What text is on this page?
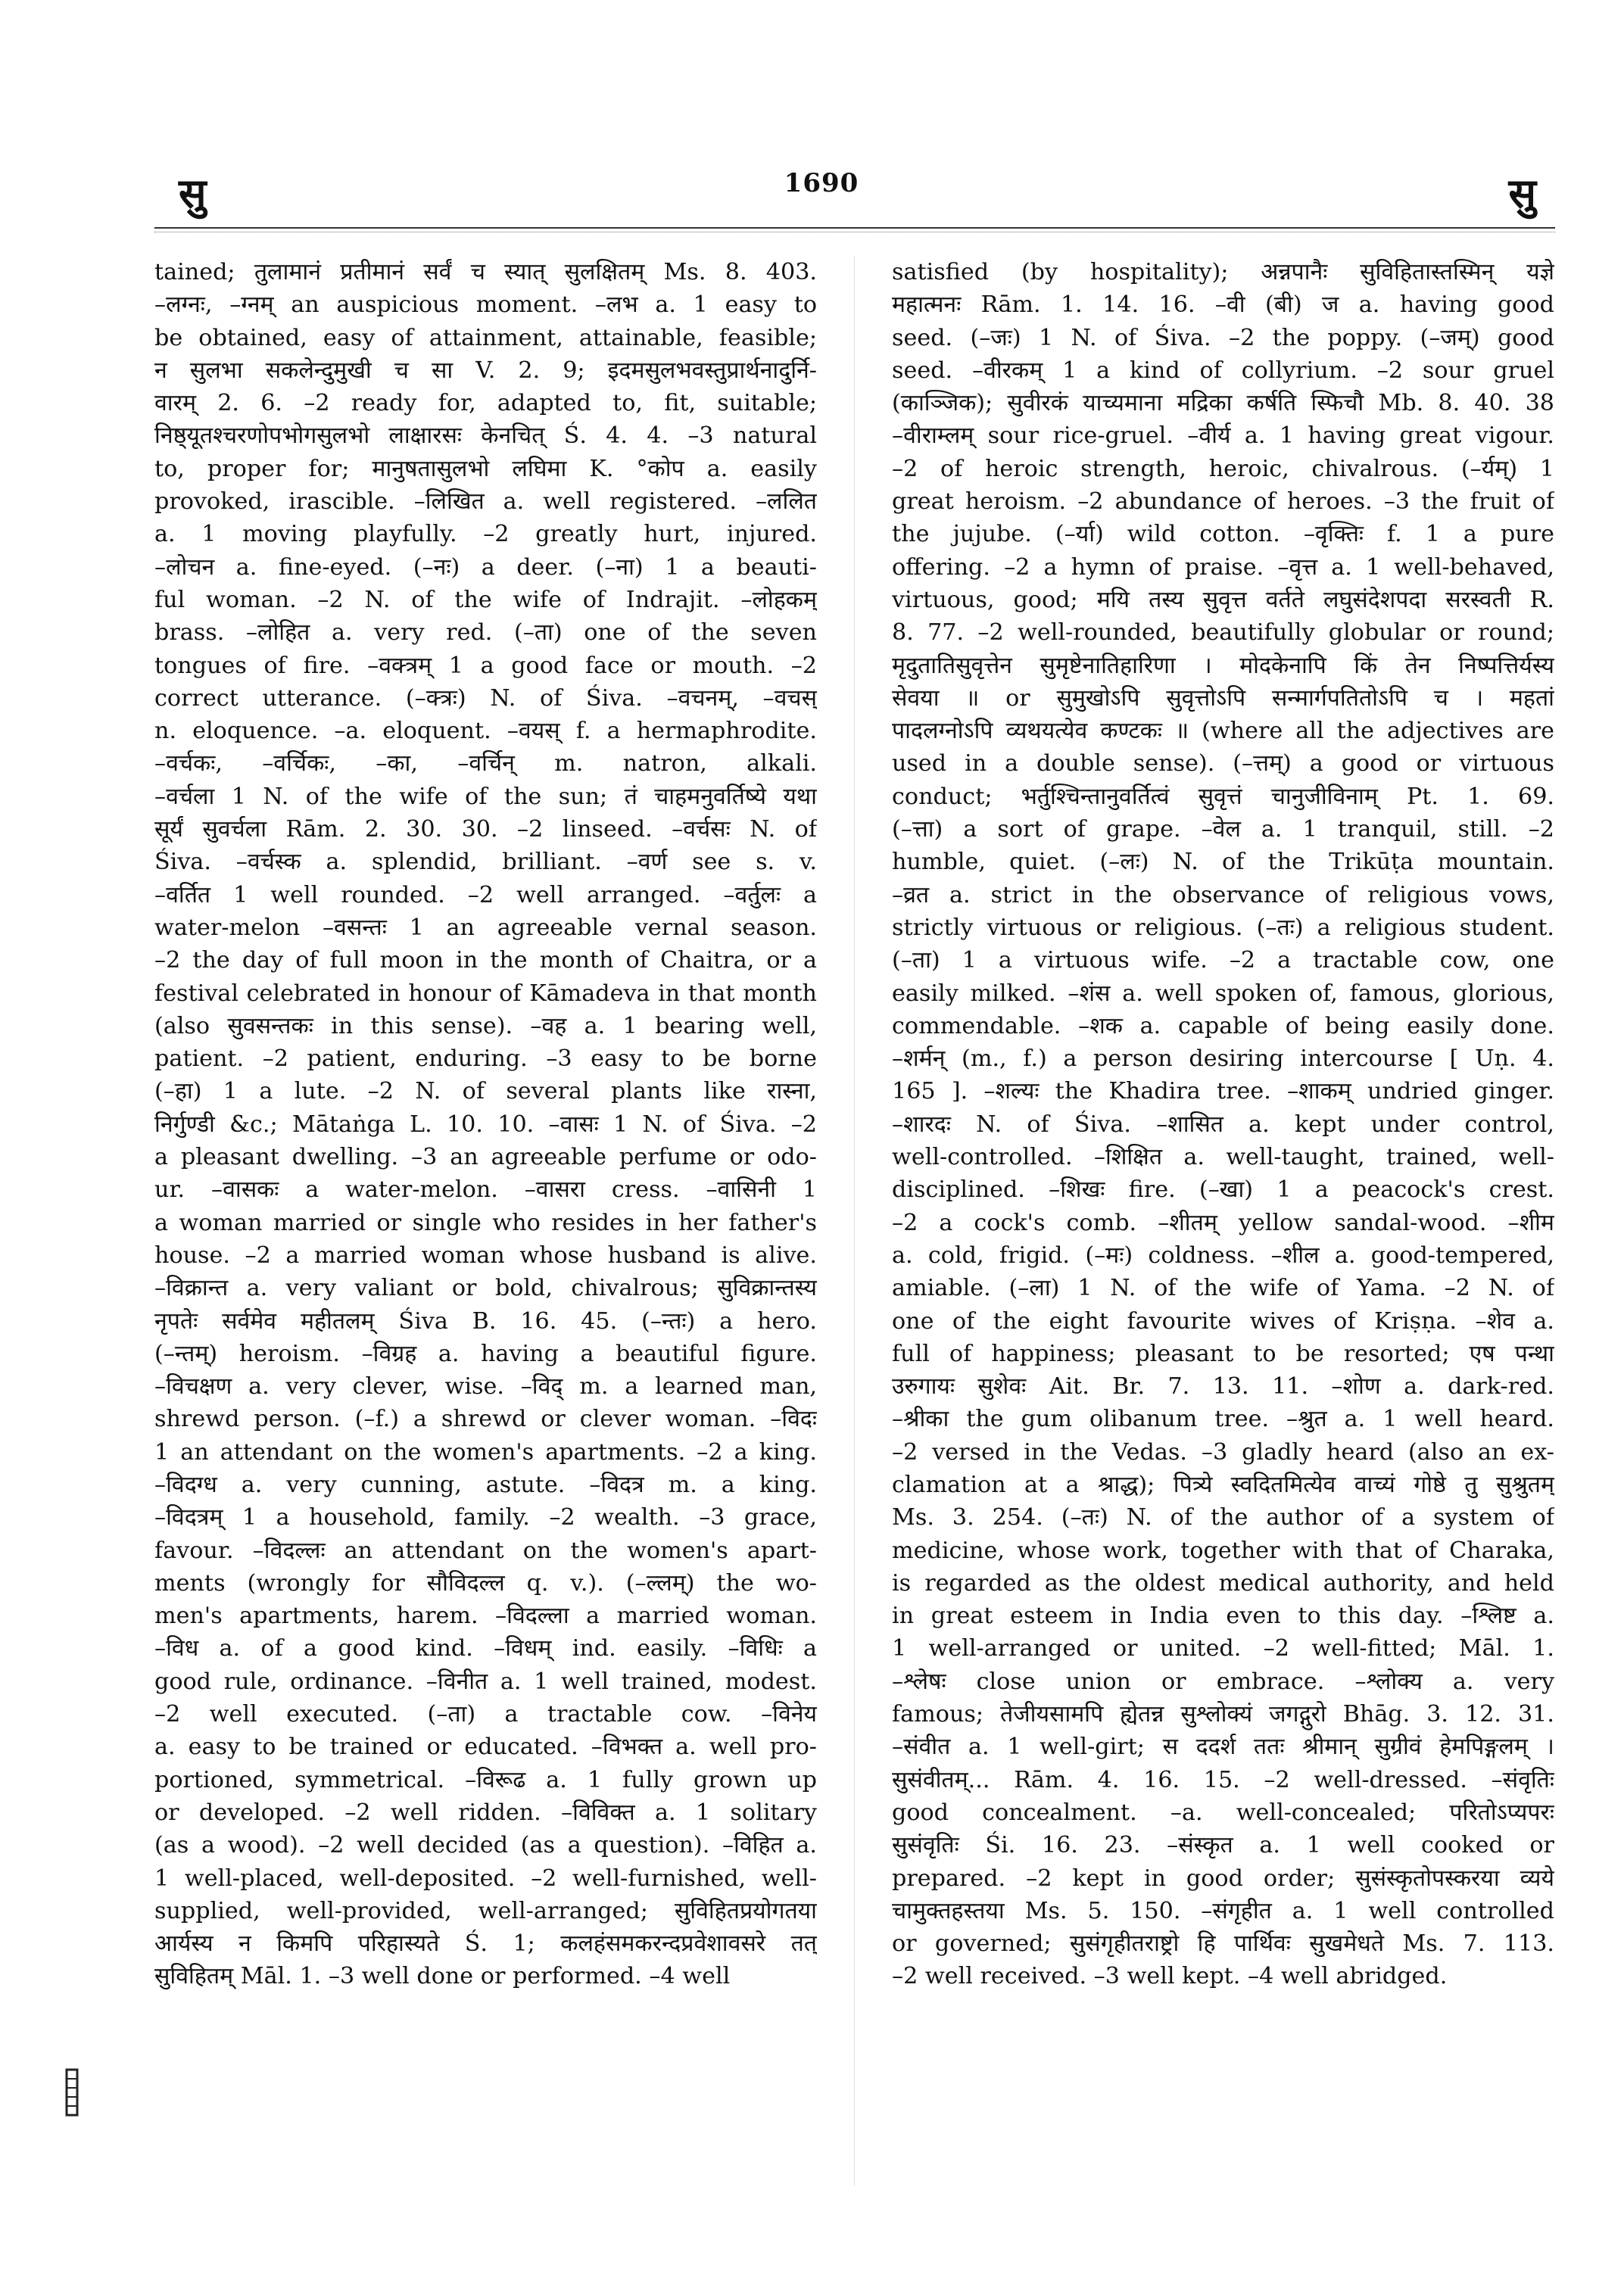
सु	1690	सु
tained; तुलामानं प्रतीमानं सर्वं च स्यात् सुलक्षितम् Ms. 8. 403.
–लग्नः, –ग्नम् an auspicious moment. –लभ a. 1 easy to
be obtained, easy of attainment, attainable, feasible;
न सुलभा सकलेन्दुमुखी च सा V. 2. 9; इदमसुलभवस्तुप्रार्थनादुर्नि-
वारम् 2. 6. –2 ready for, adapted to, fit, suitable;
निष्ठ्यूतश्चरणोपभोगसुलभो लाक्षारसः केनचित् Ś. 4. 4. –3 natural
to, proper for; मानुषतासुलभो लघिमा K. °कोप a. easily
provoked, irascible. –लिखित a. well registered. –ललित
a. 1 moving playfully. –2 greatly hurt, injured.
–लोचन a. fine-eyed. (–नः) a deer. (–ना) 1 a beauti-
ful woman. –2 N. of the wife of Indrajit. –लोहकम्
brass. –लोहित a. very red. (–ता) one of the seven
tongues of fire. –वक्त्रम् 1 a good face or mouth. –2
correct utterance. (–क्त्रः) N. of Śiva. –वचनम्, –वचस्
n. eloquence. –a. eloquent. –वयस् f. a hermaphrodite.
–वर्चकः, –वर्चिकः, –का, –वर्चिन् m. natron, alkali.
–वर्चला 1 N. of the wife of the sun; तं चाहमनुवर्तिष्ये यथा
सूर्यं सुवर्चला Rām. 2. 30. 30. –2 linseed. –वर्चसः N. of
Śiva. –वर्चस्क a. splendid, brilliant. –वर्ण see s. v.
–वर्तित 1 well rounded. –2 well arranged. –वर्तुलः a
water-melon –वसन्तः 1 an agreeable vernal season.
–2 the day of full moon in the month of Chaitra, or a
festival celebrated in honour of Kāmadeva in that month
(also सुवसन्तकः in this sense). –वह a. 1 bearing well,
patient. –2 patient, enduring. –3 easy to be borne
(–हा) 1 a lute. –2 N. of several plants like रास्ना,
निर्गुण्डी &c.; Mātaṅga L. 10. 10. –वासः 1 N. of Śiva. –2
a pleasant dwelling. –3 an agreeable perfume or odo-
ur. –वासकः a water-melon. –वासरा cress. –वासिनी 1
a woman married or single who resides in her father's
house. –2 a married woman whose husband is alive.
–विक्रान्त a. very valiant or bold, chivalrous; सुविक्रान्तस्य
नृपतेः सर्वमेव महीतलम् Śiva B. 16. 45. (–न्तः) a hero.
(–न्तम्) heroism. –विग्रह a. having a beautiful figure.
–विचक्षण a. very clever, wise. –विद् m. a learned man,
shrewd person. (–f.) a shrewd or clever woman. –विदः
1 an attendant on the women's apartments. –2 a king.
–विदग्ध a. very cunning, astute. –विदत्र m. a king.
–विदत्रम् 1 a household, family. –2 wealth. –3 grace,
favour. –विदल्लः an attendant on the women's apart-
ments (wrongly for सौविदल्ल q. v.). (–ल्लम्) the wo-
men's apartments, harem. –विदल्ला a married woman.
–विध a. of a good kind. –विधम् ind. easily. –विधिः a
good rule, ordinance. –विनीत a. 1 well trained, modest.
–2 well executed. (–ता) a tractable cow. –विनेय
a. easy to be trained or educated. –विभक्त a. well pro-
portioned, symmetrical. –विरूढ a. 1 fully grown up
or developed. –2 well ridden. –विविक्त a. 1 solitary
(as a wood). –2 well decided (as a question). –विहित a.
1 well-placed, well-deposited. –2 well-furnished, well-
supplied, well-provided, well-arranged; सुविहितप्रयोगतया
आर्यस्य न किमपि परिहास्यते Ś. 1; कलहंसमकरन्दप्रवेशावसरे तत्
सुविहितम् Māl. 1. –3 well done or performed. –4 well
satisfied (by hospitality); अन्नपानैः सुविहितास्तस्मिन् यज्ञे
महात्मनः Rām. 1. 14. 16. –वी (बी) ज a. having good
seed. (–जः) 1 N. of Śiva. –2 the poppy. (–जम्) good
seed. –वीरकम् 1 a kind of collyrium. –2 sour gruel
(काञ्जिक); सुवीरकं याच्यमाना मद्रिका कर्षति स्फिचौ Mb. 8. 40. 38
–वीराम्लम् sour rice-gruel. –वीर्य a. 1 having great vigour.
–2 of heroic strength, heroic, chivalrous. (–र्यम्) 1
great heroism. –2 abundance of heroes. –3 the fruit of
the jujube. (–र्या) wild cotton. –वृक्तिः f. 1 a pure
offering. –2 a hymn of praise. –वृत्त a. 1 well-behaved,
virtuous, good; मयि तस्य सुवृत्त वर्तते लघुसंदेशपदा सरस्वती R.
8. 77. –2 well-rounded, beautifully globular or round;
मृदुतातिसुवृत्तेन सुमृष्टेनातिहारिणा । मोदकेनापि किं तेन निष्पत्तिर्यस्य
सेवया ॥ or सुमुखोऽपि सुवृत्तोऽपि सन्मार्गपतितोऽपि च । महतां
पादलग्नोऽपि व्यथयत्येव कण्टकः ॥ (where all the adjectives are
used in a double sense). (–त्तम्) a good or virtuous
conduct; भर्तुश्चिन्तानुवर्तित्वं सुवृत्तं चानुजीविनाम् Pt. 1. 69.
(–त्ता) a sort of grape. –वेल a. 1 tranquil, still. –2
humble, quiet. (–लः) N. of the Trikūṭa mountain.
–व्रत a. strict in the observance of religious vows,
strictly virtuous or religious. (–तः) a religious student.
(–ता) 1 a virtuous wife. –2 a tractable cow, one
easily milked. –शंस a. well spoken of, famous, glorious,
commendable. –शक a. capable of being easily done.
–शर्मन् (m., f.) a person desiring intercourse [ Uṇ. 4.
165 ]. –शल्यः the Khadira tree. –शाकम् undried ginger.
–शारदः N. of Śiva. –शासित a. kept under control,
well-controlled. –शिक्षित a. well-taught, trained, well-
disciplined. –शिखः fire. (–खा) 1 a peacock's crest.
–2 a cock's comb. –शीतम् yellow sandal-wood. –शीम
a. cold, frigid. (–मः) coldness. –शील a. good-tempered,
amiable. (–ला) 1 N. of the wife of Yama. –2 N. of
one of the eight favourite wives of Kriṣṇa. –शेव a.
full of happiness; pleasant to be resorted; एष पन्था
उरुगायः सुशेवः Ait. Br. 7. 13. 11. –शोण a. dark-red.
–श्रीका the gum olibanum tree. –श्रुत a. 1 well heard.
–2 versed in the Vedas. –3 gladly heard (also an ex-
clamation at a श्राद्ध); पित्र्ये स्वदितमित्येव वाच्यं गोष्ठे तु सुश्रुतम्
Ms. 3. 254. (–तः) N. of the author of a system of
medicine, whose work, together with that of Charaka,
is regarded as the oldest medical authority, and held
in great esteem in India even to this day. –श्लिष्ट a.
1 well-arranged or united. –2 well-fitted; Māl. 1.
–श्लेषः close union or embrace. –श्लोक्य a. very
famous; तेजीयसामपि ह्येतन्न सुश्लोक्यं जगद्गुरो Bhāg. 3. 12. 31.
–संवीत a. 1 well-girt; स ददर्श ततः श्रीमान् सुग्रीवं हेमपिङ्गलम् ।
सुसंवीतम्... Rām. 4. 16. 15. –2 well-dressed. –संवृतिः
good concealment. –a. well-concealed; परितोऽप्यपरः
सुसंवृतिः Śi. 16. 23. –संस्कृत a. 1 well cooked or
prepared. –2 kept in good order; सुसंस्कृतोपस्करया व्यये
चामुक्तहस्तया Ms. 5. 150. –संगृहीत a. 1 well controlled
or governed; सुसंगृहीतराष्ट्रो हि पार्थिवः सुखमेधते Ms. 7. 113.
–2 well received. –3 well kept. –4 well abridged.
